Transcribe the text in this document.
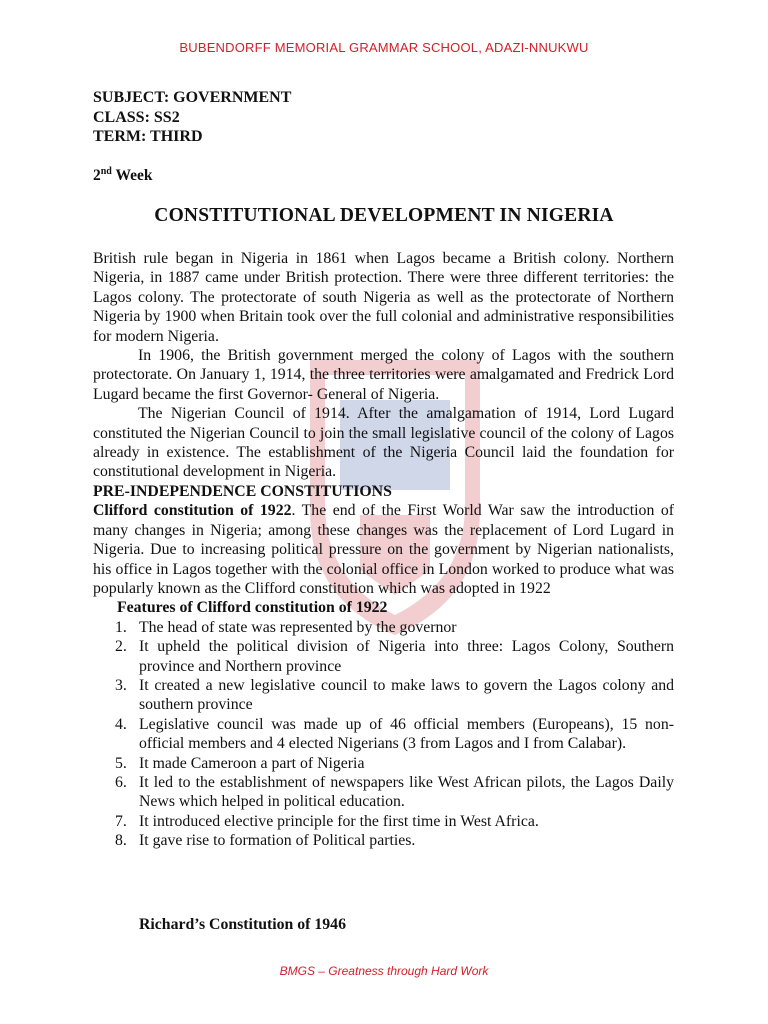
BUBENDORFF MEMORIAL GRAMMAR SCHOOL, ADAZI-NNUKWU
SUBJECT: GOVERNMENT
CLASS: SS2
TERM: THIRD
2nd Week
CONSTITUTIONAL DEVELOPMENT IN NIGERIA

British rule began in Nigeria in 1861 when Lagos became a British colony. Northern Nigeria, in 1887 came under British protection. There were three different territories: the Lagos colony. The protectorate of south Nigeria as well as the protectorate of Northern Nigeria by 1900 when Britain took over the full colonial and administrative responsibilities for modern Nigeria.

In 1906, the British government merged the colony of Lagos with the southern protectorate. On January 1, 1914, the three territories were amalgamated and Fredrick Lord Lugard became the first Governor- General of Nigeria.

The Nigerian Council of 1914. After the amalgamation of 1914, Lord Lugard constituted the Nigerian Council to join the small legislative council of the colony of Lagos already in existence. The establishment of the Nigeria Council laid the foundation for constitutional development in Nigeria.

PRE-INDEPENDENCE CONSTITUTIONS

Clifford constitution of 1922. The end of the First World War saw the introduction of many changes in Nigeria; among these changes was the replacement of Lord Lugard in Nigeria. Due to increasing political pressure on the government by Nigerian nationalists, his office in Lagos together with the colonial office in London worked to produce what was popularly known as the Clifford constitution which was adopted in 1922

Features of Clifford constitution of 1922
1. The head of state was represented by the governor
2. It upheld the political division of Nigeria into three: Lagos Colony, Southern province and Northern province
3. It created a new legislative council to make laws to govern the Lagos colony and southern province
4. Legislative council was made up of 46 official members (Europeans), 15 non-official members and 4 elected Nigerians (3 from Lagos and I from Calabar).
5. It made Cameroon a part of Nigeria
6. It led to the establishment of newspapers like West African pilots, the Lagos Daily News which helped in political education.
7. It introduced elective principle for the first time in West Africa.
8. It gave rise to formation of Political parties.
Richard’s Constitution of 1946
BMGS – Greatness through Hard Work
